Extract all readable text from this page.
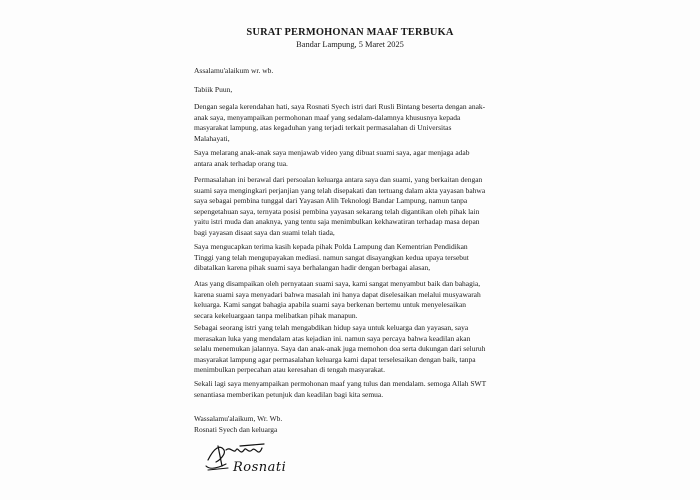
SURAT PERMOHONAN MAAF TERBUKA
Bandar Lampung, 5 Maret 2025
Assalamu'alaikum wr. wb.
Tabiik Puun,
Dengan segala kerendahan hati, saya Rosnati Syech istri dari Rusli Bintang beserta dengan anak-
anak saya, menyampaikan permohonan maaf yang sedalam-dalamnya khususnya kepada
masyarakat lampung, atas kegaduhan yang terjadi terkait permasalahan di Universitas
Malahayati,
Saya melarang anak-anak saya menjawab video yang dibuat suami saya, agar menjaga adab
antara anak terhadap orang tua.
Permasalahan ini berawal dari persoalan keluarga antara saya dan suami, yang berkaitan dengan
suami saya mengingkari perjanjian yang telah disepakati dan tertuang dalam akta yayasan bahwa
saya sebagai pembina tunggal dari Yayasan Alih Teknologi Bandar Lampung, namun tanpa
sepengetahuan saya, ternyata posisi pembina yayasan sekarang telah digantikan oleh pihak lain
yaitu istri muda dan anaknya, yang tentu saja menimbulkan kekhawatiran terhadap masa depan
bagi yayasan disaat saya dan suami telah tiada,
Saya mengucapkan terima kasih kepada pihak Polda Lampung dan Kementrian Pendidikan
Tinggi yang telah mengupayakan mediasi. namun sangat disayangkan kedua upaya tersebut
dibatalkan karena pihak suami saya berhalangan hadir dengan berbagai alasan,
Atas yang disampaikan oleh pernyataan suami saya, kami sangat menyambut baik dan bahagia,
karena suami saya menyadari bahwa masalah ini hanya dapat diselesaikan melalui musyawarah
keluarga. Kami sangat bahagia apabila suami saya berkenan bertemu untuk menyelesaikan
secara kekeluargaan tanpa melibatkan pihak manapun.
Sebagai seorang istri yang telah mengabdikan hidup saya untuk keluarga dan yayasan, saya
merasakan luka yang mendalam atas kejadian ini. namun saya percaya bahwa keadilan akan
selalu menemukan jalannya. Saya dan anak-anak juga memohon doa serta dukungan dari seluruh
masyarakat lampung agar permasalahan keluarga kami dapat terselesaikan dengan baik, tanpa
menimbulkan perpecahan atau keresahan di tengah masyarakat.
Sekali lagi saya menyampaikan permohonan maaf yang tulus dan mendalam. semoga Allah SWT
senantiasa memberikan petunjuk dan keadilan bagi kita semua.
Wassalamu'alaikum, Wr. Wb.
Rosnati Syech dan keluarga
Rosnati
